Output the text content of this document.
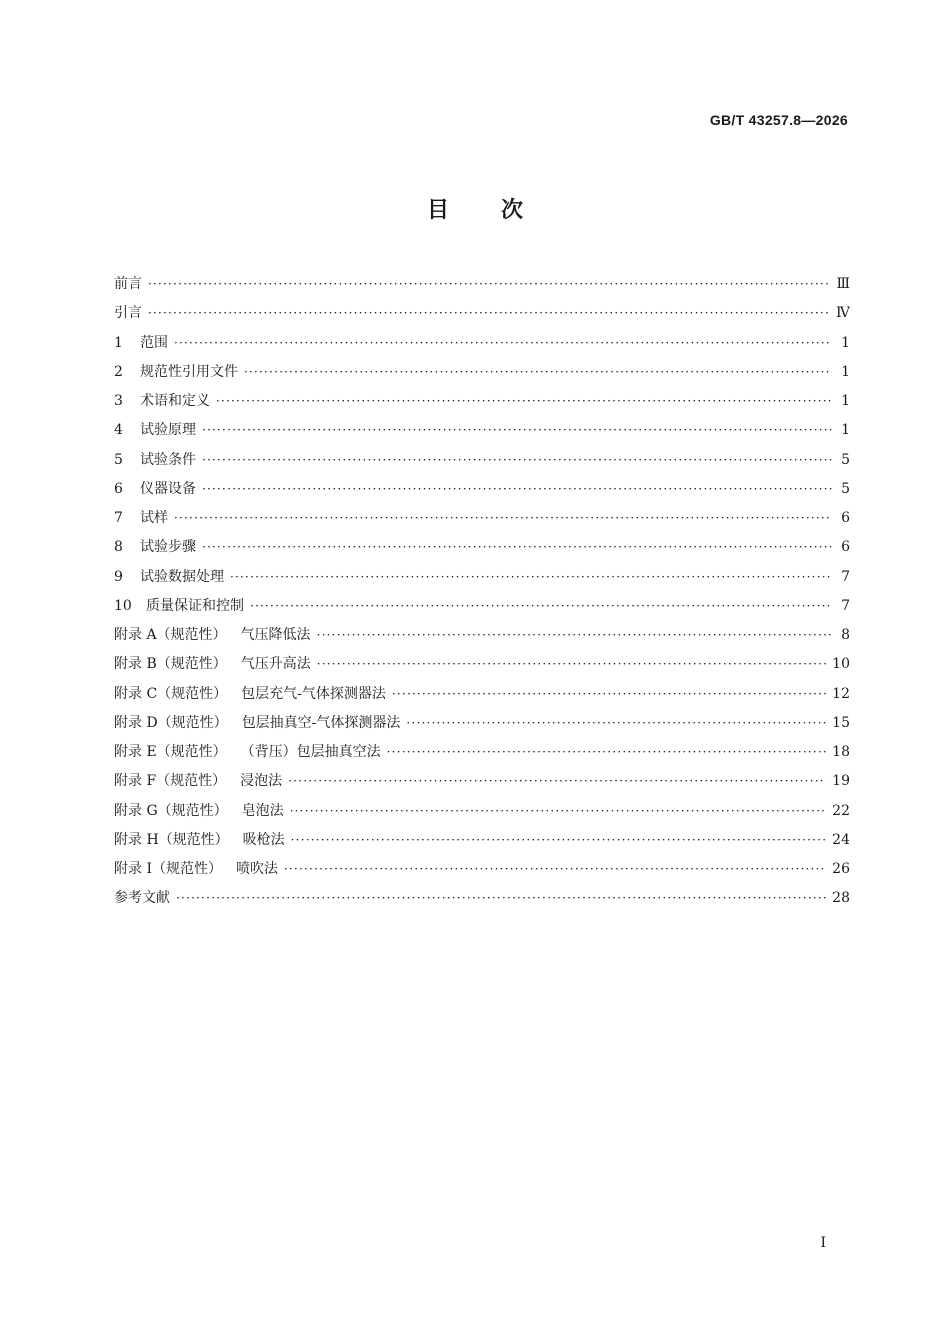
GB/T 43257.8—2026
目 次
前言 ·····	Ⅲ
引言 ·····	Ⅳ
1 范围 ·····	1
2 规范性引用文件 ·····	1
3 术语和定义 ·····	1
4 试验原理 ·····	1
5 试验条件 ·····	5
6 仪器设备 ·····	5
7 试样 ·····	6
8 试验步骤 ·····	6
9 试验数据处理 ·····	7
10 质量保证和控制 ·····	7
附录 A（规范性） 气压降低法 ·····	8
附录 B（规范性） 气压升高法 ·····	10
附录 C（规范性） 包层充气-气体探测器法 ·····	12
附录 D（规范性） 包层抽真空-气体探测器法 ·····	15
附录 E（规范性） （背压）包层抽真空法 ·····	18
附录 F（规范性） 浸泡法 ·····	19
附录 G（规范性） 皂泡法 ·····	22
附录 H（规范性） 吸枪法 ·····	24
附录 I（规范性） 喷吹法 ·····	26
参考文献 ·····	28
I
